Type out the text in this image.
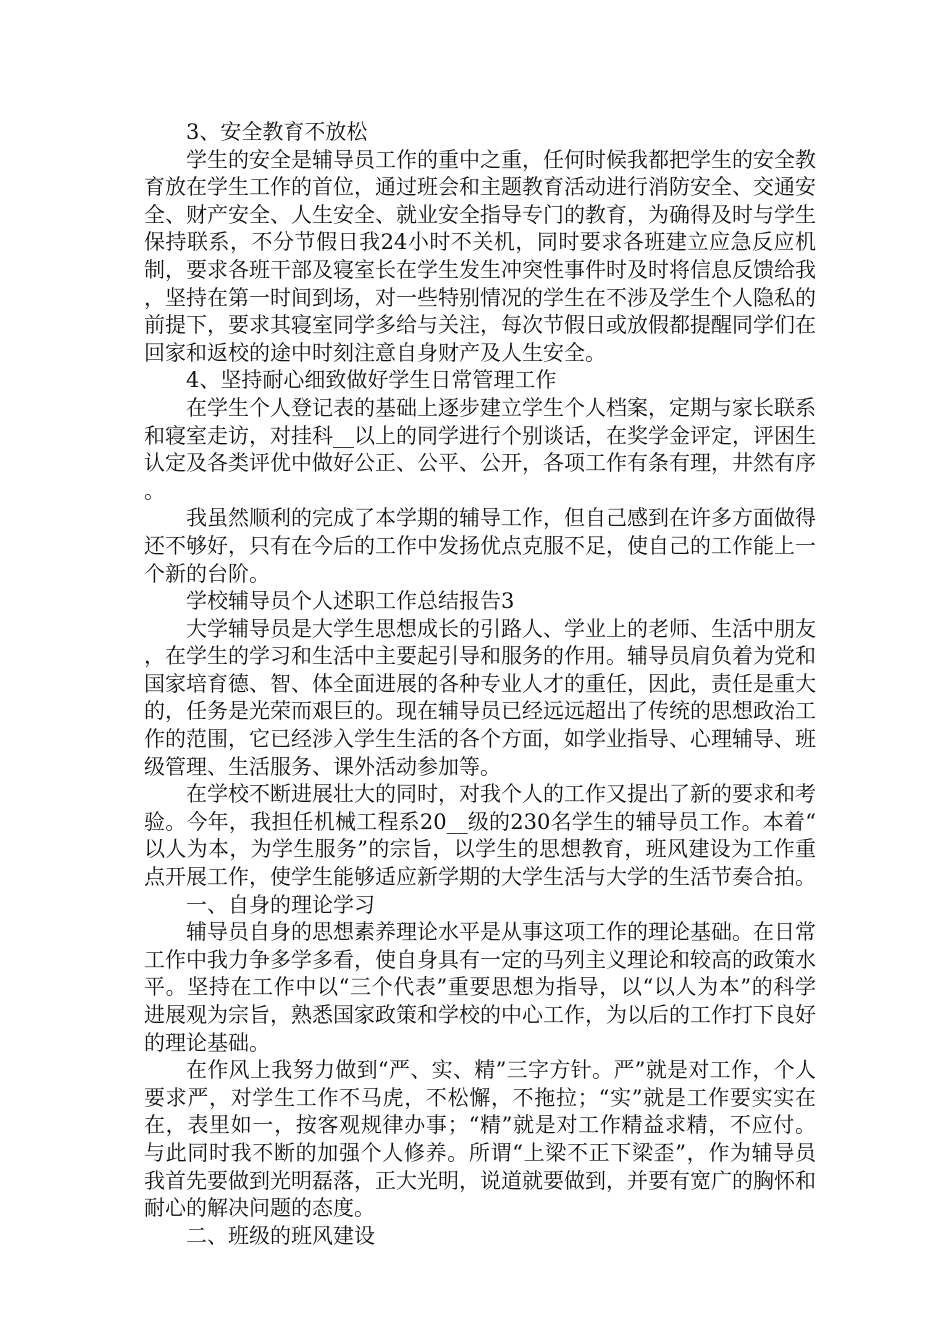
3、安全教育不放松

学生的安全是辅导员工作的重中之重，任何时候我都把学生的安全教育放在学生工作的首位，通过班会和主题教育活动进行消防安全、交通安全、财产安全、人生安全、就业安全指导专门的教育，为确得及时与学生保持联系，不分节假日我24小时不关机，同时要求各班建立应急反应机制，要求各班干部及寝室长在学生发生冲突性事件时及时将信息反馈给我，坚持在第一时间到场，对一些特别情况的学生在不涉及学生个人隐私的前提下，要求其寝室同学多给与关注，每次节假日或放假都提醒同学们在回家和返校的途中时刻注意自身财产及人生安全。

4、坚持耐心细致做好学生日常管理工作

在学生个人登记表的基础上逐步建立学生个人档案，定期与家长联系和寝室走访，对挂科__以上的同学进行个别谈话，在奖学金评定，评困生认定及各类评优中做好公正、公平、公开，各项工作有条有理，井然有序。

我虽然顺利的完成了本学期的辅导工作，但自己感到在许多方面做得还不够好，只有在今后的工作中发扬优点克服不足，使自己的工作能上一个新的台阶。

学校辅导员个人述职工作总结报告3

大学辅导员是大学生思想成长的引路人、学业上的老师、生活中朋友，在学生的学习和生活中主要起引导和服务的作用。辅导员肩负着为党和国家培育德、智、体全面进展的各种专业人才的重任，因此，责任是重大的，任务是光荣而艰巨的。现在辅导员已经远远超出了传统的思想政治工作的范围，它已经涉入学生生活的各个方面，如学业指导、心理辅导、班级管理、生活服务、课外活动参加等。

在学校不断进展壮大的同时，对我个人的工作又提出了新的要求和考验。今年，我担任机械工程系20__级的230名学生的辅导员工作。本着“以人为本，为学生服务”的宗旨，以学生的思想教育，班风建设为工作重点开展工作，使学生能够适应新学期的大学生活与大学的生活节奏合拍。

一、自身的理论学习

辅导员自身的思想素养理论水平是从事这项工作的理论基础。在日常工作中我力争多学多看，使自身具有一定的马列主义理论和较高的政策水平。坚持在工作中以“三个代表”重要思想为指导，以“以人为本”的科学进展观为宗旨，熟悉国家政策和学校的中心工作，为以后的工作打下良好的理论基础。

在作风上我努力做到“严、实、精”三字方针。严”就是对工作，个人要求严，对学生工作不马虎，不松懈，不拖拉；“实”就是工作要实实在在，表里如一，按客观规律办事；“精”就是对工作精益求精，不应付。与此同时我不断的加强个人修养。所谓“上梁不正下梁歪”，作为辅导员我首先要做到光明磊落，正大光明，说道就要做到，并要有宽广的胸怀和耐心的解决问题的态度。

二、班级的班风建设
